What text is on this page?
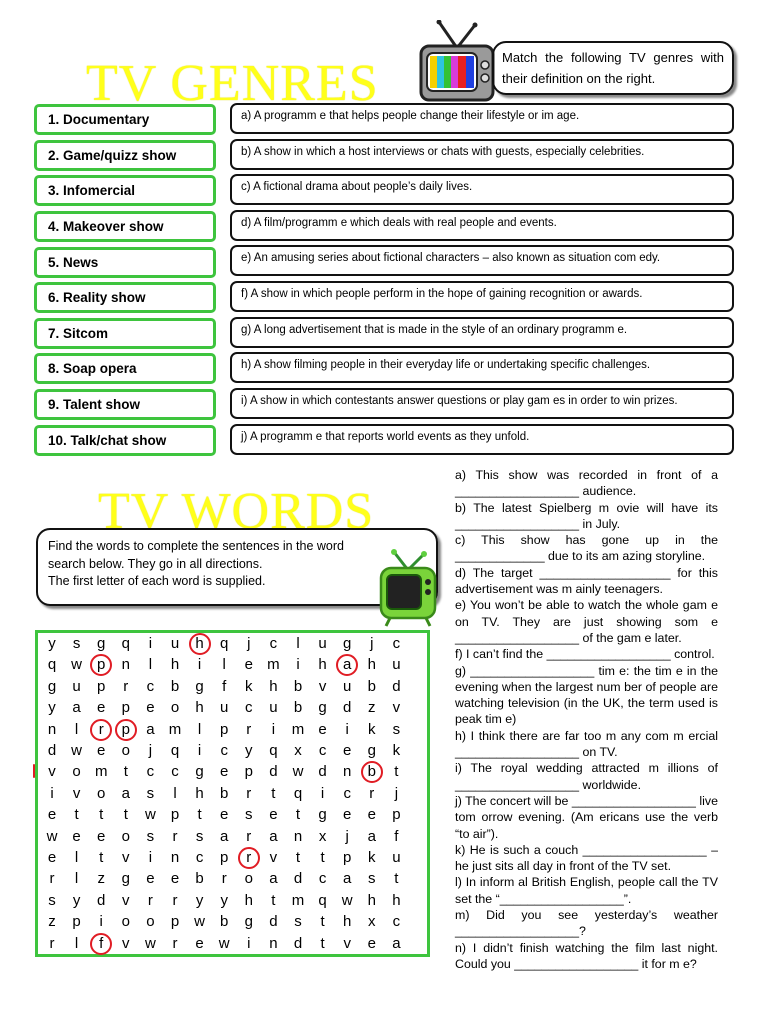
TV GENRES	Match the following TV genres with their definition on the right.
1. Documentary
2. Game/quizz show
3. Infomercial
4. Makeover show
5. News
6. Reality show
7. Sitcom
8. Soap opera
9. Talent show
10. Talk/chat show
a) A programm e that helps people change their lifestyle or im age.
b) A show in which a host interviews or chats with guests, especially celebrities.
c) A fictional drama about people’s daily lives.
d) A film/programm e which deals with real people and events.
e) An amusing series about fictional characters – also known as situation com edy.
f) A show in which people perform in the hope of gaining recognition or awards.
g) A long advertisement that is made in the style of an ordinary programm e.
h) A show filming people in their everyday life or undertaking specific challenges.
i) A show in which contestants answer questions or play gam es in order to win prizes.
j) A programm e that reports world events as they unfold.
TV WORDS
Find the words to complete the sentences in the word
search below. They go in all directions.
The first letter of each word is supplied.
y	s	g	q	i	u	h	q	j	c	l	u	g	j	c
q	w	p	n	l	h	i	l	e m	i	h	a	h	u
g	u	p	r	c	b	g	f	k	h	b	v	u	b	d
y	a	e	p	e	o	h	u	c	u	b	g	d	z	v
n	l	r	p	a m	l	p	r	i	m e	i	k	s
d	w	e	o	j	q	i	c	y	q	x	c	e	g	k
v	o m	t	c	c	g	e	p	d	w	d	n	b	t
i	v	o	a	s	l	h	b	r	t	q	i	c	r	j
e	t	t	t	w	p	t	e	s	e	t	g	e	e	p
w	e	e	o	s	r	s	a	r	a	n	x	j	a	f
e	l	t	v	i	n	c	p	r	v	t	t	p	k	u
r	l	z	g	e	e	b	r	o	a	d	c	a	s	t
s	y	d	v	r	r	y	y	h	t	m q	w	h	h
z	p	i	o	o	p	w	b	g	d	s	t	h	x	c
r	l	f	v	w	r	e	w	i	n	d	t	v	e	a

a) This show was recorded in front of a __________________ audience.

b) The latest Spielberg m ovie will have its __________________ in July.

c) This show has gone up in the _____________ due to its am azing storyline.

d) The target ___________________ for this advertisement was m ainly teenagers.

e) You won’t be able to watch the whole gam e on TV. They are just showing som e __________________ of the gam e later.

f) I can’t find the __________________ control.

g) __________________ tim e: the tim e in the evening when the largest num ber of people are watching television (in the UK, the term used is peak tim e)

h) I think there are far too m any com m ercial __________________ on TV.

i) The royal wedding attracted m illions of __________________ worldwide.

j) The concert will be __________________ live tom orrow evening. (Am ericans use the verb “to air”).

k) He is such a couch __________________ – he just sits all day in front of the TV set.

l) In inform al British English, people call the TV set the “__________________”.

m) Did you see yesterday’s weather __________________?

n) I didn’t finish watching the film last night. Could you __________________ it for m e?
